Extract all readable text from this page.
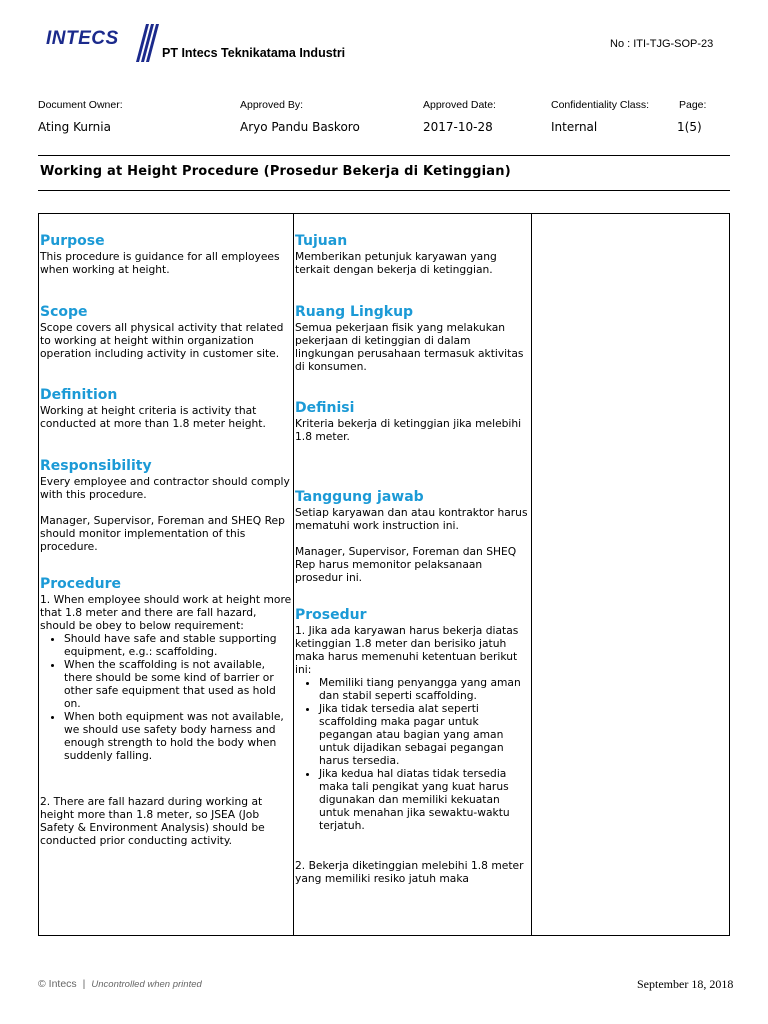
INTECS
PT Intecs Teknikatama Industri
No : ITI-TJG-SOP-23
Document Owner:	Approved By:	Approved Date:	Confidentiality Class:	Page:
Ating Kurnia	Aryo Pandu Baskoro	2017-10-28	Internal	1(5)
Working at Height Procedure (Prosedur Bekerja di Ketinggian)
Purpose

This procedure is guidance for all employees when working at height.

Scope

Scope covers all physical activity that related to working at height within organization operation including activity in customer site.

Definition

Working at height criteria is activity that conducted at more than 1.8 meter height.

Responsibility

Every employee and contractor should comply with this procedure.

Manager, Supervisor, Foreman and SHEQ Rep should monitor implementation of this procedure.

Procedure

1. When employee should work at height more that 1.8 meter and there are fall hazard, should be obey to below requirement:

• Should have safe and stable supporting equipment, e.g.: scaffolding.
• When the scaffolding is not available, there should be some kind of barrier or other safe equipment that used as hold on.
• When both equipment was not available, we should use safety body harness and enough strength to hold the body when suddenly falling.

2. There are fall hazard during working at height more than 1.8 meter, so JSEA (Job Safety & Environment Analysis) should be conducted prior conducting activity.

Tujuan

Memberikan petunjuk karyawan yang terkait dengan bekerja di ketinggian.

Ruang Lingkup

Semua pekerjaan fisik yang melakukan pekerjaan di ketinggian di dalam lingkungan perusahaan termasuk aktivitas di konsumen.

Definisi

Kriteria bekerja di ketinggian jika melebihi 1.8 meter.

Tanggung jawab

Setiap karyawan dan atau kontraktor harus mematuhi work instruction ini.

Manager, Supervisor, Foreman dan SHEQ Rep harus memonitor pelaksanaan prosedur ini.

Prosedur

1. Jika ada karyawan harus bekerja diatas ketinggian 1.8 meter dan berisiko jatuh maka harus memenuhi ketentuan berikut ini:

• Memiliki tiang penyangga yang aman dan stabil seperti scaffolding.
• Jika tidak tersedia alat seperti scaffolding maka pagar untuk pegangan atau bagian yang aman untuk dijadikan sebagai pegangan harus tersedia.
• Jika kedua hal diatas tidak tersedia maka tali pengikat yang kuat harus digunakan dan memiliki kekuatan untuk menahan jika sewaktu-waktu terjatuh.

2. Bekerja diketinggian melebihi 1.8 meter yang memiliki resiko jatuh maka

© Intecs | Uncontrolled when printed	September 18, 2018
